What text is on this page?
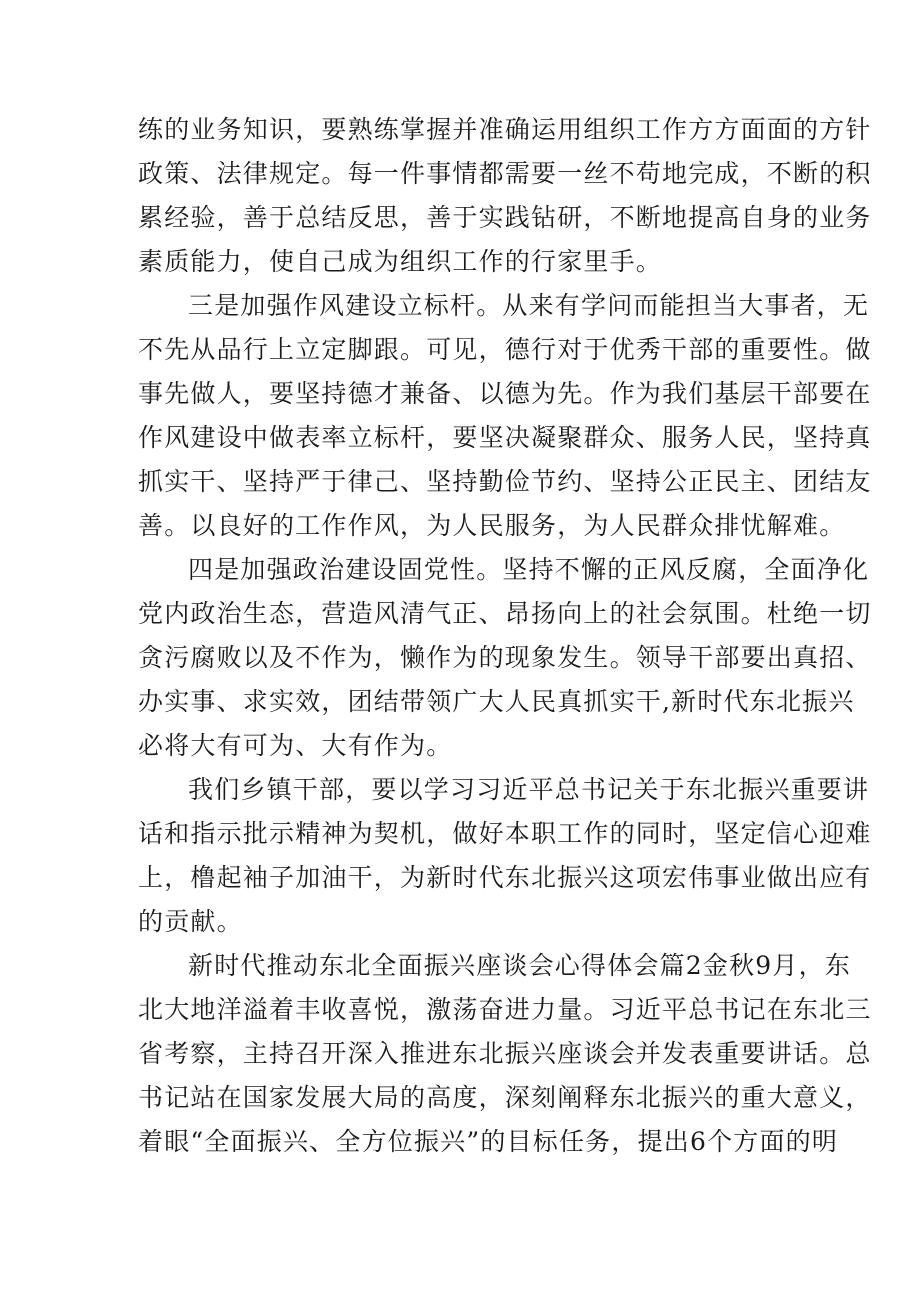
练的业务知识，要熟练掌握并准确运用组织工作方方面面的方针
政策、法律规定。每一件事情都需要一丝不苟地完成，不断的积
累经验，善于总结反思，善于实践钻研，不断地提高自身的业务
素质能力，使自己成为组织工作的行家里手。
三是加强作风建设立标杆。从来有学问而能担当大事者，无
不先从品行上立定脚跟。可见，德行对于优秀干部的重要性。做
事先做人，要坚持德才兼备、以德为先。作为我们基层干部要在
作风建设中做表率立标杆，要坚决凝聚群众、服务人民，坚持真
抓实干、坚持严于律己、坚持勤俭节约、坚持公正民主、团结友
善。以良好的工作作风，为人民服务，为人民群众排忧解难。
四是加强政治建设固党性。坚持不懈的正风反腐，全面净化
党内政治生态，营造风清气正、昂扬向上的社会氛围。杜绝一切
贪污腐败以及不作为，懒作为的现象发生。领导干部要出真招、
办实事、求实效，团结带领广大人民真抓实干,新时代东北振兴
必将大有可为、大有作为。
我们乡镇干部，要以学习习近平总书记关于东北振兴重要讲
话和指示批示精神为契机，做好本职工作的同时，坚定信心迎难
上，橹起袖子加油干，为新时代东北振兴这项宏伟事业做出应有
的贡献。
新时代推动东北全面振兴座谈会心得体会篇2金秋9月，东
北大地洋溢着丰收喜悦，激荡奋进力量。习近平总书记在东北三
省考察，主持召开深入推进东北振兴座谈会并发表重要讲话。总
书记站在国家发展大局的高度，深刻阐释东北振兴的重大意义，
着眼“全面振兴、全方位振兴”的目标任务，提出6个方面的明
